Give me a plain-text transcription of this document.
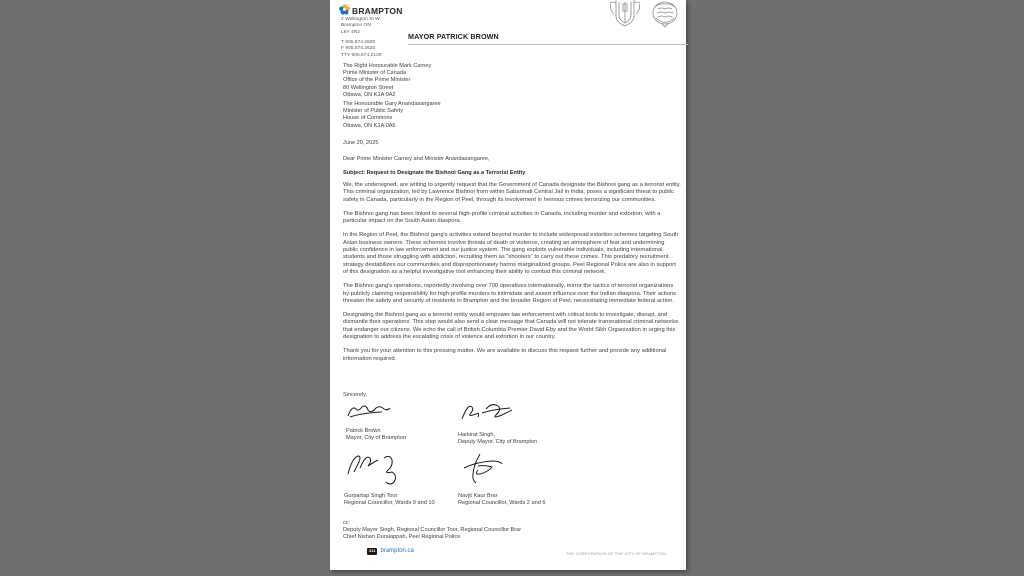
BRAMPTON
2 Wellington St W
Brampton ON
L6Y 4R2
T 905.874.2600
F 905.874.2620
TTY 905.874.2130
MAYOR PATRICK BROWN
The Right Honourable Mark Carney
Prime Minister of Canada
Office of the Prime Minister
80 Wellington Street
Ottawa, ON K1A 0A2
The Honourable Gary Anandasangaree
Minister of Public Safety
House of Commons
Ottawa, ON K1A 0A6
June 20, 2025
Dear Prime Minister Carney and Minister Anandasangaree,
Subject: Request to Designate the Bishnoi Gang as a Terrorist Entity

We, the undersigned, are writing to urgently request that the Government of Canada designate the Bishnoi gang as a terrorist entity. This criminal organization, led by Lawrence Bishnoi from within Sabarmati Central Jail in India, poses a significant threat to public safety in Canada, particularly in the Region of Peel, through its involvement in heinous crimes terrorizing our communities.

The Bishnoi gang has been linked to several high-profile criminal activities in Canada, including murder and extortion, with a particular impact on the South Asian diaspora.

In the Region of Peel, the Bishnoi gang's activities extend beyond murder to include widespread extortion schemes targeting South Asian business owners. These schemes involve threats of death or violence, creating an atmosphere of fear and undermining public confidence in law enforcement and our justice system. The gang exploits vulnerable individuals, including international students and those struggling with addiction, recruiting them as "shooters" to carry out these crimes. This predatory recruitment strategy destabilizes our communities and disproportionately harms marginalized groups. Peel Regional Police are also in support of this designation as a helpful investigative tool enhancing their ability to combat this criminal network.

The Bishnoi gang's operations, reportedly involving over 700 operatives internationally, mirror the tactics of terrorist organizations by publicly claiming responsibility for high-profile murders to intimidate and assert influence over the Indian diaspora. Their actions threaten the safety and security of residents in Brampton and the broader Region of Peel, necessitating immediate federal action.

Designating the Bishnoi gang as a terrorist entity would empower law enforcement with critical tools to investigate, disrupt, and dismantle their operations. This step would also send a clear message that Canada will not tolerate transnational criminal networks that endanger our citizens. We echo the call of British Columbia Premier David Eby and the World Sikh Organization in urging this designation to address the escalating crisis of violence and extortion in our country.

Thank you for your attention to this pressing matter. We are available to discuss this request further and provide any additional information required.

Sincerely,
Patrick Brown
Mayor, City of Brampton	Harkirat Singh,
Deputy Mayor, City of Brampton
Gurpartap Singh Toor
Regional Councillor, Wards 9 and 10
Navjit Kaur Brar
Regional Councillor, Wards 2 and 6
cc:
Deputy Mayor Singh, Regional Councillor Toor, Regional Councillor Brar
Chief Nishan Duraiappah, Peel Regional Police
311 brampton.ca	THE CORPORATION OF THE CITY OF BRAMPTON
